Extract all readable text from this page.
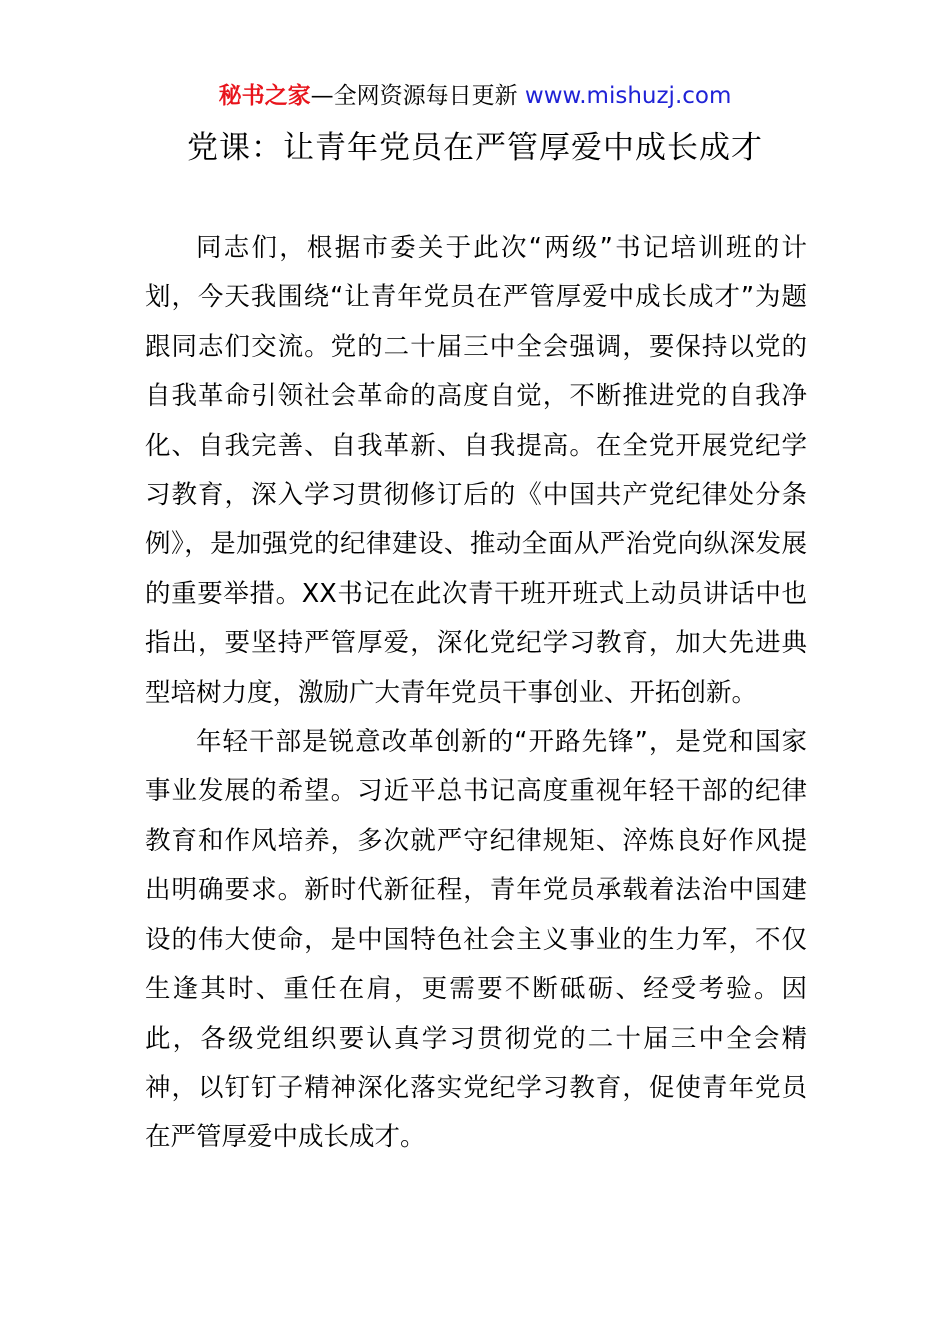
秘书之家—全网资源每日更新 www.mishuzj.com
党课：让青年党员在严管厚爱中成长成才

同志们，根据市委关于此次“两级”书记培训班的计划，今天我围绕“让青年党员在严管厚爱中成长成才”为题跟同志们交流。党的二十届三中全会强调，要保持以党的自我革命引领社会革命的高度自觉，不断推进党的自我净化、自我完善、自我革新、自我提高。在全党开展党纪学习教育，深入学习贯彻修订后的《中国共产党纪律处分条例》，是加强党的纪律建设、推动全面从严治党向纵深发展的重要举措。XX书记在此次青干班开班式上动员讲话中也指出，要坚持严管厚爱，深化党纪学习教育，加大先进典型培树力度，激励广大青年党员干事创业、开拓创新。

年轻干部是锐意改革创新的“开路先锋”，是党和国家事业发展的希望。习近平总书记高度重视年轻干部的纪律教育和作风培养，多次就严守纪律规矩、淬炼良好作风提出明确要求。新时代新征程，青年党员承载着法治中国建设的伟大使命，是中国特色社会主义事业的生力军，不仅生逢其时、重任在肩，更需要不断砥砺、经受考验。因此，各级党组织要认真学习贯彻党的二十届三中全会精神，以钉钉子精神深化落实党纪学习教育，促使青年党员在严管厚爱中成长成才。
